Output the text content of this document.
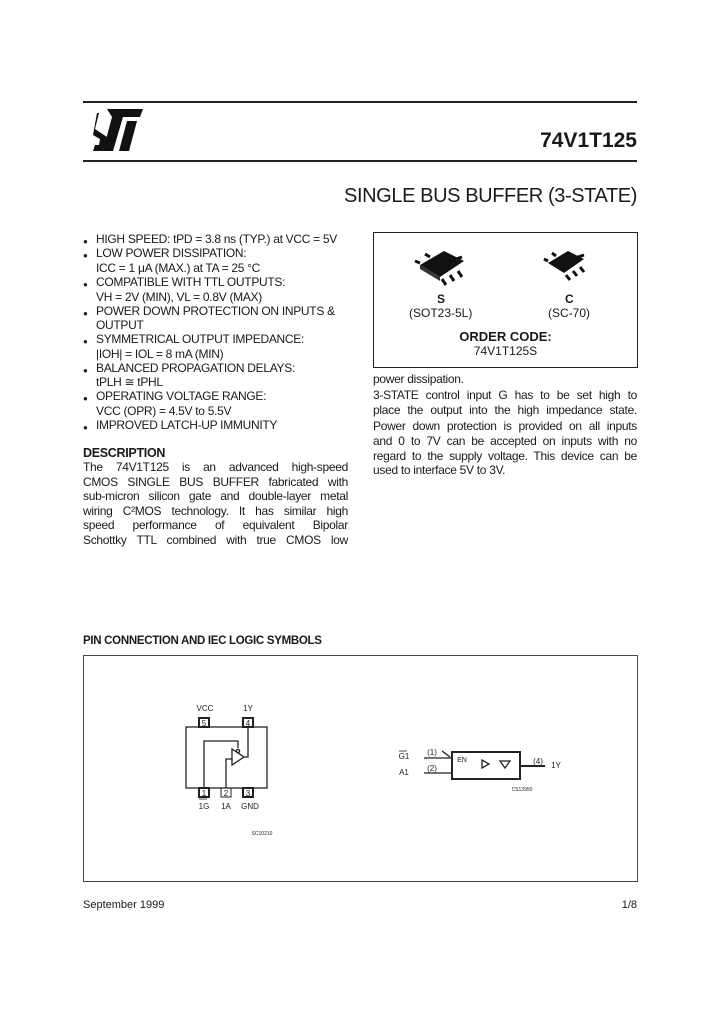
74V1T125
SINGLE BUS BUFFER (3-STATE)
● HIGH SPEED: tPD = 3.8 ns (TYP.) at VCC = 5V
● LOW POWER DISSIPATION:
ICC = 1 μA (MAX.) at TA = 25 °C
● COMPATIBLE WITH TTL OUTPUTS:
VH = 2V (MIN), VL = 0.8V (MAX)
● POWER DOWN PROTECTION ON INPUTS &
OUTPUT
● SYMMETRICAL OUTPUT IMPEDANCE:
|IOH| = IOL = 8 mA (MIN)
● BALANCED PROPAGATION DELAYS:
tPLH ≅ tPHL
● OPERATING VOLTAGE RANGE:
VCC (OPR) = 4.5V to 5.5V
● IMPROVED LATCH-UP IMMUNITY
S
(SOT23-5L)
C
(SC-70)
ORDER CODE:
74V1T125S
DESCRIPTION
The 74V1T125 is an advanced high-speed
CMOS SINGLE BUS BUFFER fabricated with
sub-micron silicon gate and double-layer metal
wiring C²MOS technology. It has similar high
speed performance of equivalent Bipolar
Schottky TTL combined with true CMOS low
power dissipation.
3-STATE control input G has to be set high to
place the output into the high impedance state.
Power down protection is provided on all inputs
and 0 to 7V can be accepted on inputs with no
regard to the supply voltage. This device can be
used to interface 5V to 3V.
PIN CONNECTION AND IEC LOGIC SYMBOLS
5	4
1 2 3
VCC	1Y
1G 1A GND
SC10210
G1
A1
(1)
(2)
EN	(4) 1Y
CS13950
September 1999	1/8
